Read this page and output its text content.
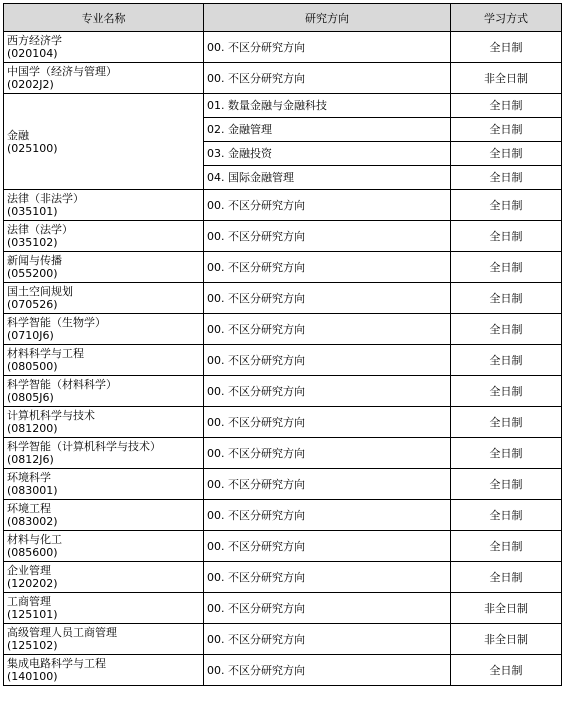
专业名称	研究方向	学习方式

西方经济学
(020104)	00. 不区分研究方向	全日制

中国学（经济与管理）
(0202J2)	00. 不区分研究方向	非全日制

金融
(025100)	01. 数量金融与金融科技	全日制
	02. 金融管理	全日制
	03. 金融投资	全日制
	04. 国际金融管理	全日制

法律（非法学）
(035101)	00. 不区分研究方向	全日制

法律（法学）
(035102)	00. 不区分研究方向	全日制

新闻与传播
(055200)	00. 不区分研究方向	全日制

国土空间规划
(070526)	00. 不区分研究方向	全日制

科学智能（生物学）
(0710J6)	00. 不区分研究方向	全日制

材料科学与工程
(080500)	00. 不区分研究方向	全日制

科学智能（材料科学）
(0805J6)	00. 不区分研究方向	全日制

计算机科学与技术
(081200)	00. 不区分研究方向	全日制

科学智能（计算机科学与技术）
(0812J6)	00. 不区分研究方向	全日制

环境科学
(083001)	00. 不区分研究方向	全日制

环境工程
(083002)	00. 不区分研究方向	全日制

材料与化工
(085600)	00. 不区分研究方向	全日制

企业管理
(120202)	00. 不区分研究方向	全日制

工商管理
(125101)	00. 不区分研究方向	非全日制

高级管理人员工商管理
(125102)	00. 不区分研究方向	非全日制

集成电路科学与工程
(140100)	00. 不区分研究方向	全日制
